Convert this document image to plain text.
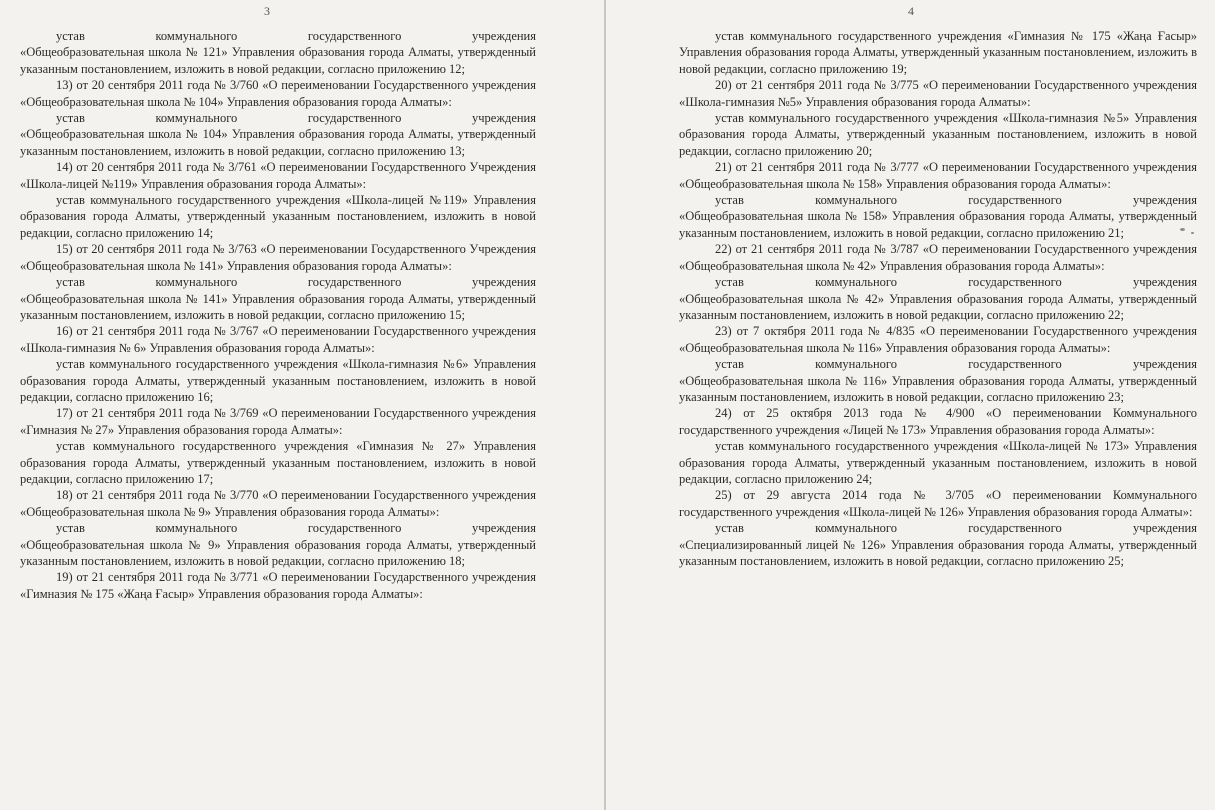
3

устав коммунального государственного учреждения
«Общеобразовательная школа № 121» Управления образования города Алматы, утвержденный указанным постановлением, изложить в новой редакции, согласно приложению 12;

13) от 20 сентября 2011 года № 3/760 «О переименовании Государственного учреждения «Общеобразовательная школа № 104» Управления образования города Алматы»:

устав коммунального государственного учреждения
«Общеобразовательная школа № 104» Управления образования города Алматы, утвержденный указанным постановлением, изложить в новой редакции, согласно приложению 13;

14) от 20 сентября 2011 года № 3/761 «О переименовании Государственного Учреждения «Школа-лицей №119» Управления образования города Алматы»:

устав коммунального государственного учреждения «Школа-лицей №119» Управления образования города Алматы, утвержденный указанным постановлением, изложить в новой редакции, согласно приложению 14;

15) от 20 сентября 2011 года № 3/763 «О переименовании Государственного Учреждения «Общеобразовательная школа № 141» Управления образования города Алматы»:

устав коммунального государственного учреждения
«Общеобразовательная школа № 141» Управления образования города Алматы, утвержденный указанным постановлением, изложить в новой редакции, согласно приложению 15;

16) от 21 сентября 2011 года № 3/767 «О переименовании Государственного учреждения «Школа-гимназия № 6» Управления образования города Алматы»:

устав коммунального государственного учреждения «Школа-гимназия №6» Управления образования города Алматы, утвержденный указанным постановлением, изложить в новой редакции, согласно приложению 16;

17) от 21 сентября 2011 года № 3/769 «О переименовании Государственного учреждения «Гимназия № 27» Управления образования города Алматы»:

устав коммунального государственного учреждения «Гимназия № 27» Управления образования города Алматы, утвержденный указанным постановлением, изложить в новой редакции, согласно приложению 17;

18) от 21 сентября 2011 года № 3/770 «О переименовании Государственного учреждения «Общеобразовательная школа № 9» Управления образования города Алматы»:

устав коммунального государственного учреждения
«Общеобразовательная школа № 9» Управления образования города Алматы, утвержденный указанным постановлением, изложить в новой редакции, согласно приложению 18;

19) от 21 сентября 2011 года № 3/771 «О переименовании Государственного учреждения «Гимназия № 175 «Жаңа Ғасыр» Управления образования города Алматы»:

4

устав коммунального государственного учреждения «Гимназия № 175 «Жаңа Ғасыр» Управления образования города Алматы, утвержденный указанным постановлением, изложить в новой редакции, согласно приложению 19;

20) от 21 сентября 2011 года № 3/775 «О переименовании Государственного учреждения «Школа-гимназия №5» Управления образования города Алматы»:

устав коммунального государственного учреждения «Школа-гимназия №5» Управления образования города Алматы, утвержденный указанным постановлением, изложить в новой редакции, согласно приложению 20;

21) от 21 сентября 2011 года № 3/777 «О переименовании Государственного учреждения «Общеобразовательная школа № 158» Управления образования города Алматы»:

устав коммунального государственного учреждения
«Общеобразовательная школа № 158» Управления образования города Алматы, утвержденный указанным постановлением, изложить в новой редакции, согласно приложению 21;

22) от 21 сентября 2011 года № 3/787 «О переименовании Государственного учреждения «Общеобразовательная школа № 42» Управления образования города Алматы»:

устав коммунального государственного учреждения
«Общеобразовательная школа № 42» Управления образования города Алматы, утвержденный указанным постановлением, изложить в новой редакции, согласно приложению 22;

23) от 7 октября 2011 года № 4/835 «О переименовании Государственного учреждения «Общеобразовательная школа № 116» Управления образования города Алматы»:

устав коммунального государственного учреждения
«Общеобразовательная школа № 116» Управления образования города Алматы, утвержденный указанным постановлением, изложить в новой редакции, согласно приложению 23;

24) от 25 октября 2013 года № 4/900 «О переименовании Коммунального государственного учреждения «Лицей № 173» Управления образования города Алматы»:

устав коммунального государственного учреждения «Школа-лицей № 173» Управления образования города Алматы, утвержденный указанным постановлением, изложить в новой редакции, согласно приложению 24;

25) от 29 августа 2014 года № 3/705 «О переименовании Коммунального государственного учреждения «Школа-лицей № 126» Управления образования города Алматы»:

устав коммунального государственного учреждения
«Специализированный лицей № 126» Управления образования города Алматы, утвержденный указанным постановлением, изложить в новой редакции, согласно приложению 25;
